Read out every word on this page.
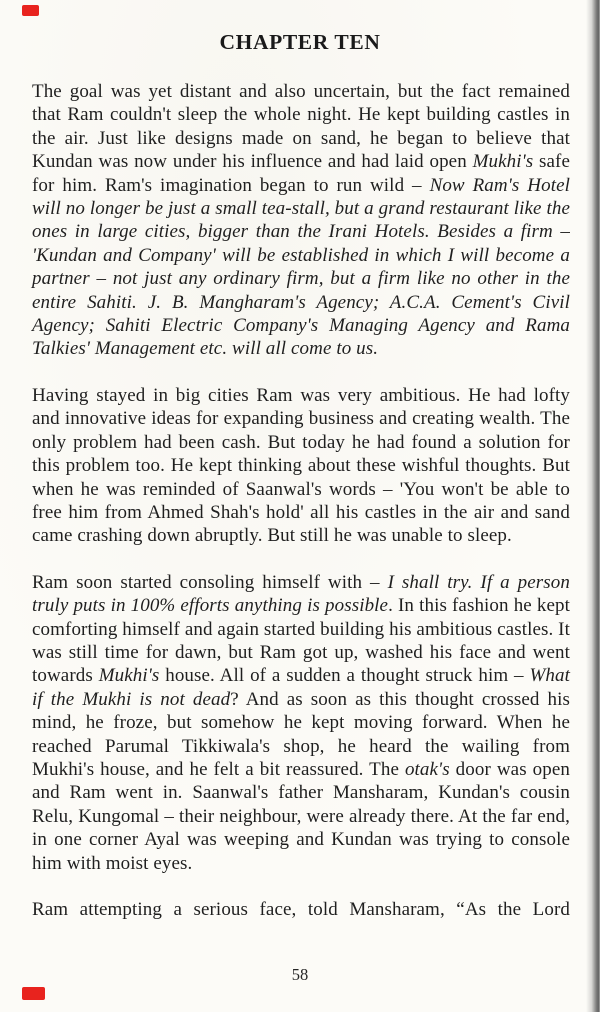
CHAPTER TEN

The goal was yet distant and also uncertain, but the fact remained that Ram couldn't sleep the whole night. He kept building castles in the air. Just like designs made on sand, he began to believe that Kundan was now under his influence and had laid open Mukhi's safe for him. Ram's imagination began to run wild – Now Ram's Hotel will no longer be just a small tea-stall, but a grand restaurant like the ones in large cities, bigger than the Irani Hotels. Besides a firm – 'Kundan and Company' will be established in which I will become a partner – not just any ordinary firm, but a firm like no other in the entire Sahiti. J. B. Mangharam's Agency; A.C.A. Cement's Civil Agency; Sahiti Electric Company's Managing Agency and Rama Talkies' Management etc. will all come to us.

Having stayed in big cities Ram was very ambitious. He had lofty and innovative ideas for expanding business and creating wealth. The only problem had been cash. But today he had found a solution for this problem too. He kept thinking about these wishful thoughts. But when he was reminded of Saanwal's words – 'You won't be able to free him from Ahmed Shah's hold' all his castles in the air and sand came crashing down abruptly. But still he was unable to sleep.

Ram soon started consoling himself with – I shall try. If a person truly puts in 100% efforts anything is possible. In this fashion he kept comforting himself and again started building his ambitious castles. It was still time for dawn, but Ram got up, washed his face and went towards Mukhi's house. All of a sudden a thought struck him – What if the Mukhi is not dead? And as soon as this thought crossed his mind, he froze, but somehow he kept moving forward. When he reached Parumal Tikkiwala's shop, he heard the wailing from Mukhi's house, and he felt a bit reassured. The otak's door was open and Ram went in. Saanwal's father Mansharam, Kundan's cousin Relu, Kungomal – their neighbour, were already there. At the far end, in one corner Ayal was weeping and Kundan was trying to console him with moist eyes.

Ram attempting a serious face, told Mansharam, “As the Lord

58
